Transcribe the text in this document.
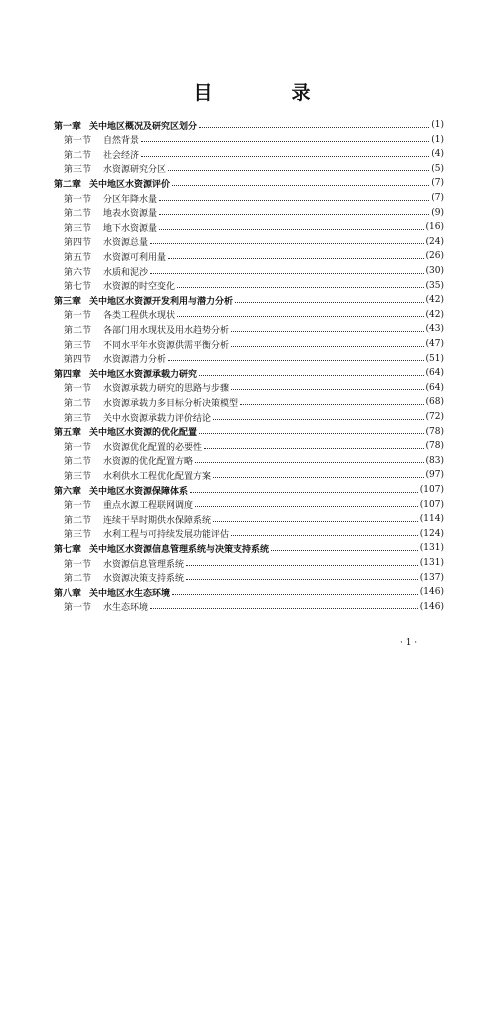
目　录
第一章 关中地区概况及研究区划分	(1)
第一节 自然背景	(1)
第二节 社会经济	(4)
第三节 水资源研究分区	(5)
第二章 关中地区水资源评价	(7)
第一节 分区年降水量	(7)
第二节 地表水资源量	(9)
第三节 地下水资源量	(16)
第四节 水资源总量	(24)
第五节 水资源可利用量	(26)
第六节 水质和泥沙	(30)
第七节 水资源的时空变化	(35)
第三章 关中地区水资源开发利用与潜力分析	(42)
第一节 各类工程供水现状	(42)
第二节 各部门用水现状及用水趋势分析	(43)
第三节 不同水平年水资源供需平衡分析	(47)
第四节 水资源潜力分析	(51)
第四章 关中地区水资源承载力研究	(64)
第一节 水资源承载力研究的思路与步骤	(64)
第二节 水资源承载力多目标分析决策模型	(68)
第三节 关中水资源承载力评价结论	(72)
第五章 关中地区水资源的优化配置	(78)
第一节 水资源优化配置的必要性	(78)
第二节 水资源的优化配置方略	(83)
第三节 水利供水工程优化配置方案	(97)
第六章 关中地区水资源保障体系	(107)
第一节 重点水源工程联网调度	(107)
第二节 连续干旱时期供水保障系统	(114)
第三节 水利工程与可持续发展功能评估	(124)
第七章 关中地区水资源信息管理系统与决策支持系统	(131)
第一节 水资源信息管理系统	(131)
第二节 水资源决策支持系统	(137)
第八章 关中地区水生态环境	(146)
第一节 水生态环境	(146)
· 1 ·
